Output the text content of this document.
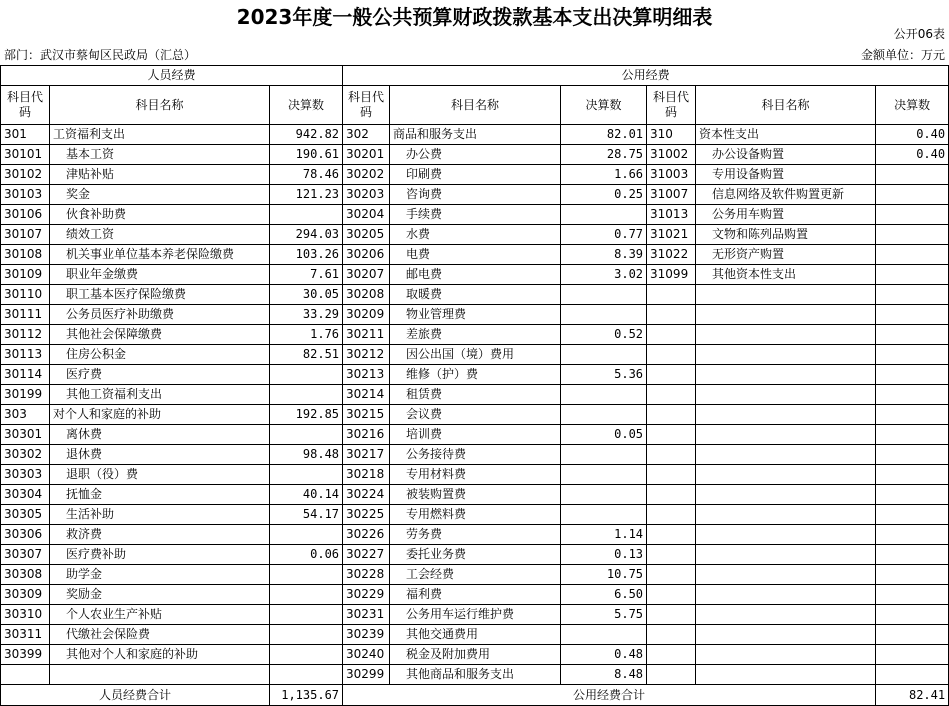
2023年度一般公共预算财政拨款基本支出决算明细表
公开06表
部门：武汉市蔡甸区民政局（汇总）	金额单位：万元
人员经费			公用经费					
科目代码	科目名称	决算数	科目代码	科目名称	决算数	科目代码	科目名称	决算数
301	工资福利支出	942.82	302	商品和服务支出	82.01	310	资本性支出	0.40
30101	基本工资	190.61	30201	办公费	28.75	31002	办公设备购置	0.40
30102	津贴补贴	78.46	30202	印刷费	1.66	31003	专用设备购置	
30103	奖金	121.23	30203	咨询费	0.25	31007	信息网络及软件购置更新	
30106	伙食补助费		30204	手续费		31013	公务用车购置	
30107	绩效工资	294.03	30205	水费	0.77	31021	文物和陈列品购置	
30108	机关事业单位基本养老保险缴费	103.26	30206	电费	8.39	31022	无形资产购置	
30109	职业年金缴费	7.61	30207	邮电费	3.02	31099	其他资本性支出	
30110	职工基本医疗保险缴费	30.05	30208	取暖费				
30111	公务员医疗补助缴费	33.29	30209	物业管理费				
30112	其他社会保障缴费	1.76	30211	差旅费	0.52			
30113	住房公积金	82.51	30212	因公出国（境）费用				
30114	医疗费		30213	维修（护）费	5.36			
30199	其他工资福利支出		30214	租赁费				
303	对个人和家庭的补助	192.85	30215	会议费				
30301	离休费		30216	培训费	0.05			
30302	退休费	98.48	30217	公务接待费				
30303	退职（役）费		30218	专用材料费				
30304	抚恤金	40.14	30224	被装购置费				
30305	生活补助	54.17	30225	专用燃料费				
30306	救济费		30226	劳务费	1.14			
30307	医疗费补助	0.06	30227	委托业务费	0.13			
30308	助学金		30228	工会经费	10.75			
30309	奖励金		30229	福利费	6.50			
30310	个人农业生产补贴		30231	公务用车运行维护费	5.75			
30311	代缴社会保险费		30239	其他交通费用				
30399	其他对个人和家庭的补助		30240	税金及附加费用	0.48			
			30299	其他商品和服务支出	8.48			
人员经费合计		1,135.67	公用经费合计					82.41
